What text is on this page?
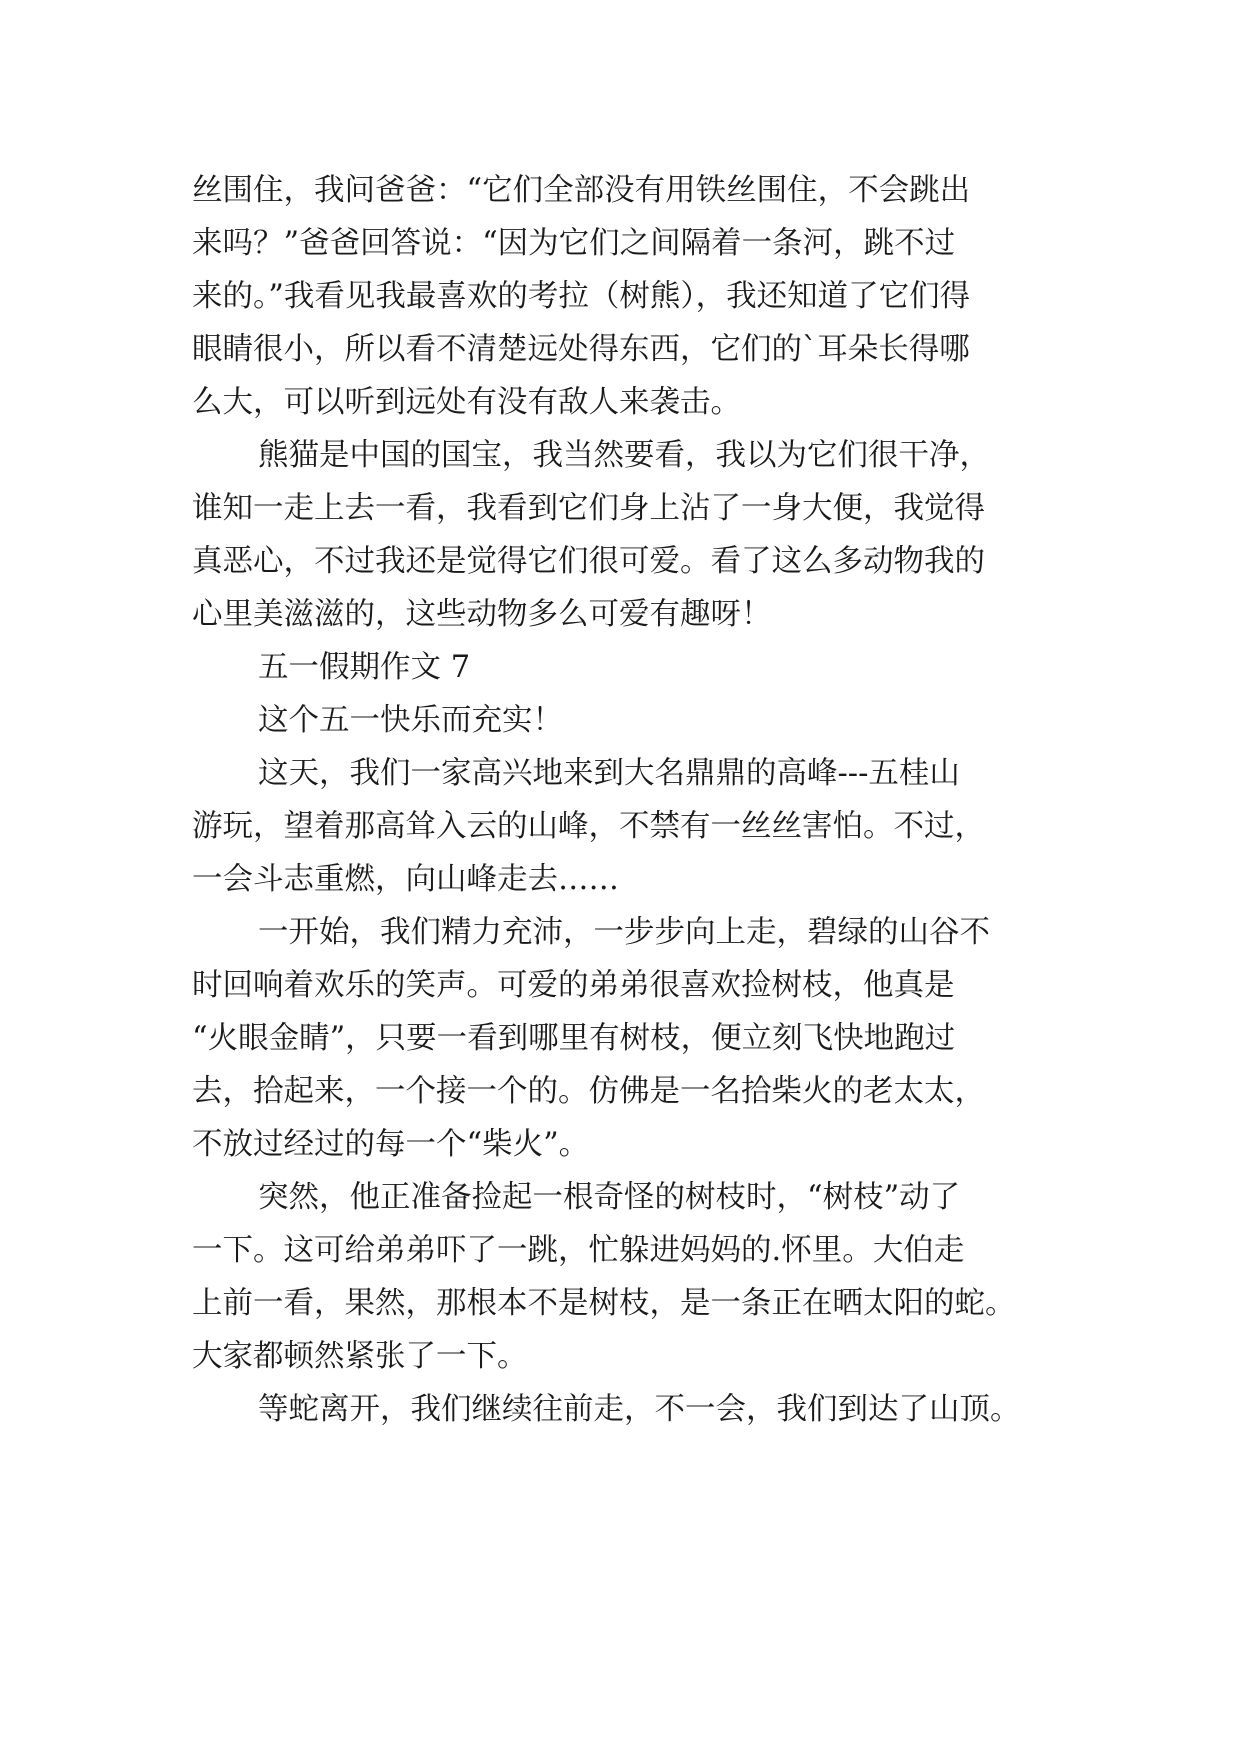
丝围住，我问爸爸：“它们全部没有用铁丝围住，不会跳出
来吗？”爸爸回答说：“因为它们之间隔着一条河，跳不过
来的。”我看见我最喜欢的考拉（树熊），我还知道了它们得
眼睛很小，所以看不清楚远处得东西，它们的`耳朵长得哪
么大，可以听到远处有没有敌人来袭击。
熊猫是中国的国宝，我当然要看，我以为它们很干净，
谁知一走上去一看，我看到它们身上沾了一身大便，我觉得
真恶心，不过我还是觉得它们很可爱。看了这么多动物我的
心里美滋滋的，这些动物多么可爱有趣呀！
五一假期作文 7
这个五一快乐而充实！
这天，我们一家高兴地来到大名鼎鼎的高峰---五桂山
游玩，望着那高耸入云的山峰，不禁有一丝丝害怕。不过，
一会斗志重燃，向山峰走去……
一开始，我们精力充沛，一步步向上走，碧绿的山谷不
时回响着欢乐的笑声。可爱的弟弟很喜欢捡树枝，他真是
“火眼金睛”，只要一看到哪里有树枝，便立刻飞快地跑过
去，拾起来，一个接一个的。仿佛是一名拾柴火的老太太，
不放过经过的每一个“柴火”。
突然，他正准备捡起一根奇怪的树枝时，“树枝”动了
一下。这可给弟弟吓了一跳，忙躲进妈妈的.怀里。大伯走
上前一看，果然，那根本不是树枝，是一条正在晒太阳的蛇。
大家都顿然紧张了一下。
等蛇离开，我们继续往前走，不一会，我们到达了山顶。
